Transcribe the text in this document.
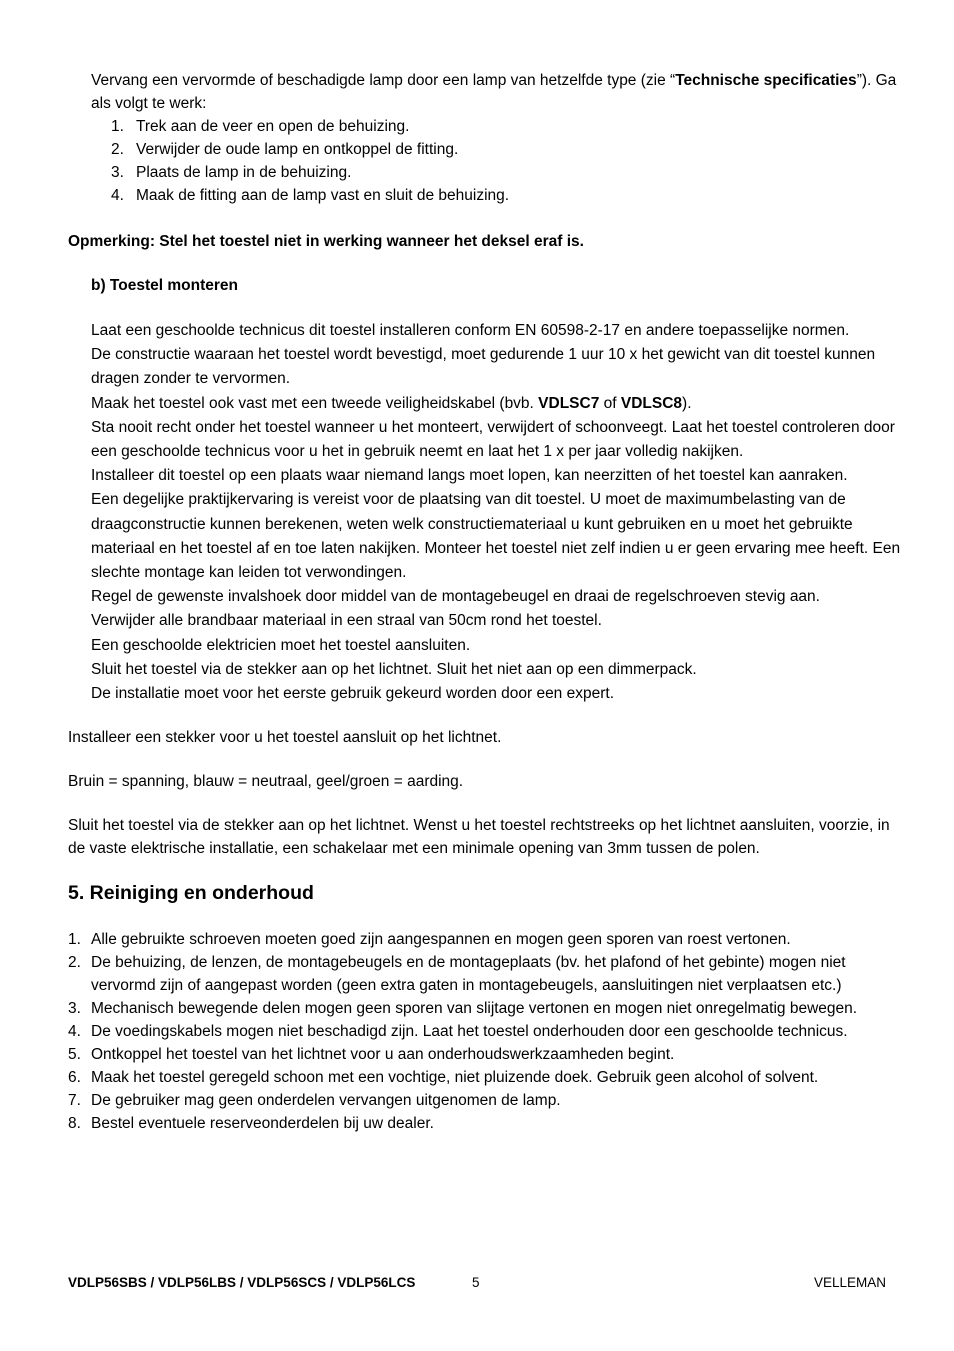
Vervang een vervormde of beschadigde lamp door een lamp van hetzelfde type (zie “Technische specificaties”). Ga als volgt te werk:

1. Trek aan de veer en open de behuizing.
2. Verwijder de oude lamp en ontkoppel de fitting.
3. Plaats de lamp in de behuizing.
4. Maak de fitting aan de lamp vast en sluit de behuizing.

Opmerking: Stel het toestel niet in werking wanneer het deksel eraf is.

b) Toestel monteren

Laat een geschoolde technicus dit toestel installeren conform EN 60598-2-17 en andere toepasselijke normen.

De constructie waaraan het toestel wordt bevestigd, moet gedurende 1 uur 10 x het gewicht van dit toestel kunnen dragen zonder te vervormen.

Maak het toestel ook vast met een tweede veiligheidskabel (bvb. VDLSC7 of VDLSC8).

Sta nooit recht onder het toestel wanneer u het monteert, verwijdert of schoonveegt. Laat het toestel controleren door een geschoolde technicus voor u het in gebruik neemt en laat het 1 x per jaar volledig nakijken.

Installeer dit toestel op een plaats waar niemand langs moet lopen, kan neerzitten of het toestel kan aanraken.

Een degelijke praktijkervaring is vereist voor de plaatsing van dit toestel. U moet de maximumbelasting van de draagconstructie kunnen berekenen, weten welk constructiemateriaal u kunt gebruiken en u moet het gebruikte materiaal en het toestel af en toe laten nakijken. Monteer het toestel niet zelf indien u er geen ervaring mee heeft. Een slechte montage kan leiden tot verwondingen.

Regel de gewenste invalshoek door middel van de montagebeugel en draai de regelschroeven stevig aan.

Verwijder alle brandbaar materiaal in een straal van 50cm rond het toestel.

Een geschoolde elektricien moet het toestel aansluiten.

Sluit het toestel via de stekker aan op het lichtnet. Sluit het niet aan op een dimmerpack.

De installatie moet voor het eerste gebruik gekeurd worden door een expert.

Installeer een stekker voor u het toestel aansluit op het lichtnet.

Bruin = spanning, blauw = neutraal, geel/groen = aarding.

Sluit het toestel via de stekker aan op het lichtnet. Wenst u het toestel rechtstreeks op het lichtnet aansluiten, voorzie, in de vaste elektrische installatie, een schakelaar met een minimale opening van 3mm tussen de polen.

5. Reiniging en onderhoud
1. Alle gebruikte schroeven moeten goed zijn aangespannen en mogen geen sporen van roest vertonen.
2. De behuizing, de lenzen, de montagebeugels en de montageplaats (bv. het plafond of het gebinte) mogen niet vervormd zijn of aangepast worden (geen extra gaten in montagebeugels, aansluitingen niet verplaatsen etc.)
3. Mechanisch bewegende delen mogen geen sporen van slijtage vertonen en mogen niet onregelmatig bewegen.
4. De voedingskabels mogen niet beschadigd zijn. Laat het toestel onderhouden door een geschoolde technicus.
5. Ontkoppel het toestel van het lichtnet voor u aan onderhoudswerkzaamheden begint.
6. Maak het toestel geregeld schoon met een vochtige, niet pluizende doek. Gebruik geen alcohol of solvent.
7. De gebruiker mag geen onderdelen vervangen uitgenomen de lamp.
8. Bestel eventuele reserveonderdelen bij uw dealer.
VDLP56SBS / VDLP56LBS / VDLP56SCS / VDLP56LCS	5	VELLEMAN
